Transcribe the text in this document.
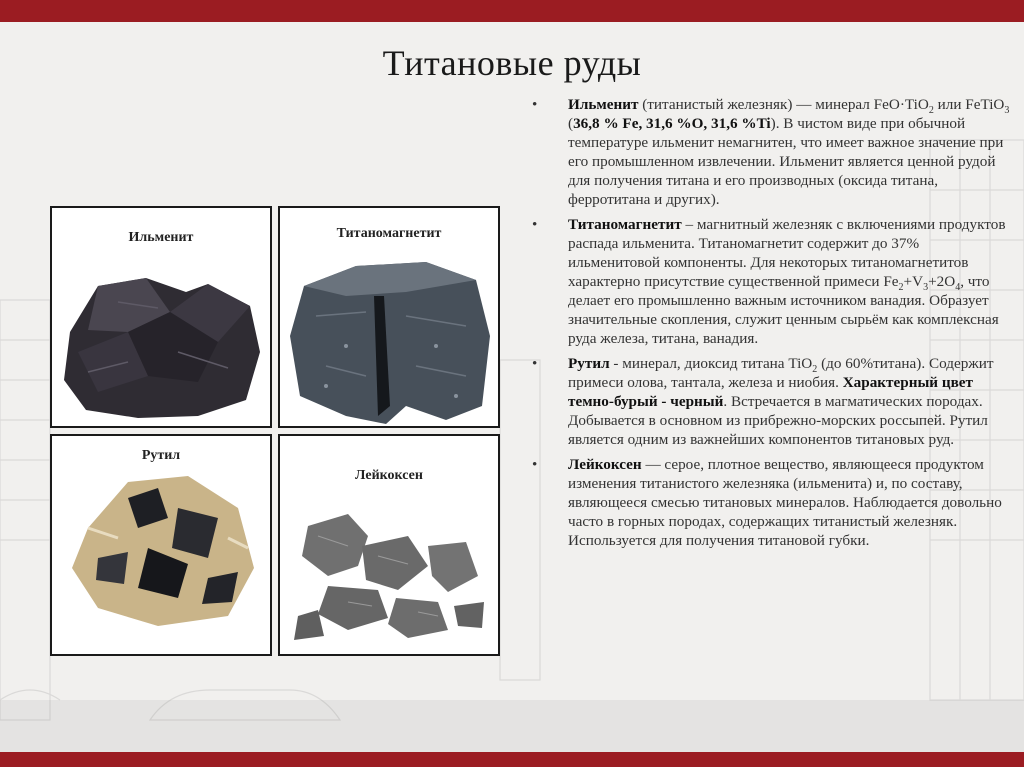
Титановые руды
Ильменит	Титаномагнетит
Рутил
Лейкоксен
• Ильменит (титанистый железняк) — минерал FeO·TiO$_2$ или FeTiO$_3$ (36,8 % Fe, 31,6 %O, 31,6 %Ti). В чистом виде при обычной температуре ильменит немагнитен, что имеет важное значение при его промышленном извлечении. Ильменит является ценной рудой для получения титана и его производных (оксида титана, ферротитана и других).
• Титаномагнетит – магнитный железняк с включениями продуктов распада ильменита. Титаномагнетит содержит до 37% ильменитовой компоненты. Для некоторых титаномагнетитов характерно присутствие существенной примеси $Fe_2+V_3+2O_4$, что делает его промышленно важным источником ванадия. Образует значительные скопления, служит ценным сырьём как комплексная руда железа, титана, ванадия.
• Рутил - минерал, диоксид титана TiO$_2$ (до 60%титана). Содержит примеси олова, тантала, железа и ниобия. Характерный цвет темно-бурый - черный. Встречается в магматических породах. Добывается в основном из прибрежно-морских россыпей. Рутил является одним из важнейших компонентов титановых руд.
• Лейкоксен — серое, плотное вещество, являющееся продуктом изменения титанистого железняка (ильменита) и, по составу, являющееся смесью титановых минералов. Наблюдается довольно часто в горных породах, содержащих титанистый железняк. Используется для получения титановой губки.
